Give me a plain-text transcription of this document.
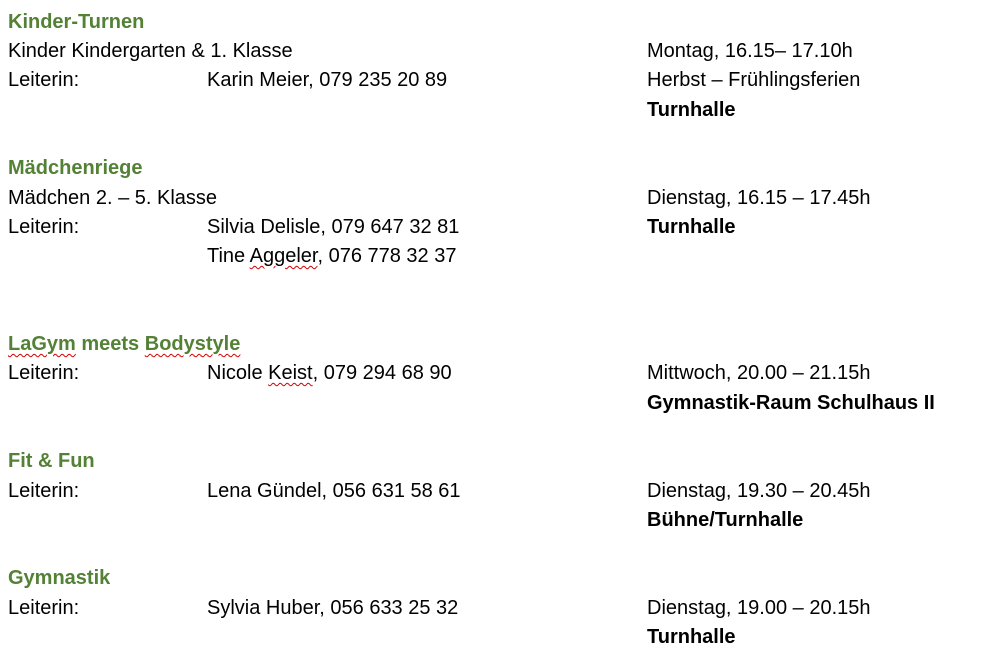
Kinder-Turnen
Kinder Kindergarten & 1. Klasse	Montag, 16.15– 17.10h
Leiterin:	Karin Meier, 079 235 20 89	Herbst – Frühlingsferien
Turnhalle
Mädchenriege
Mädchen 2. – 5. Klasse	Dienstag, 16.15 – 17.45h
Leiterin:	Silvia Delisle, 079 647 32 81	Turnhalle
Tine Aggeler, 076 778 32 37
LaGym meets Bodystyle
Leiterin:	Nicole Keist, 079 294 68 90	Mittwoch, 20.00 – 21.15h
Gymnastik-Raum Schulhaus II
Fit & Fun
Leiterin:	Lena Gündel, 056 631 58 61	Dienstag, 19.30 – 20.45h
Bühne/Turnhalle
Gymnastik
Leiterin:	Sylvia Huber, 056 633 25 32	Dienstag, 19.00 – 20.15h
Turnhalle
